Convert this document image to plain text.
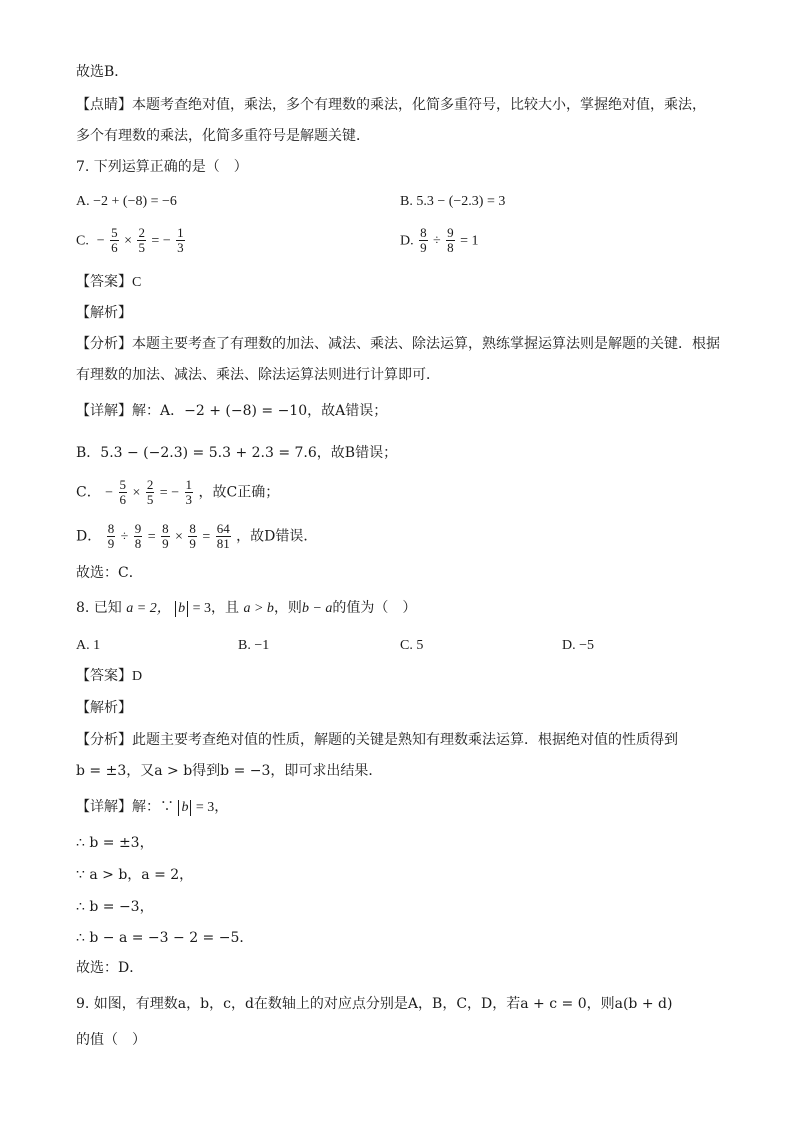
故选B．
【点睛】本题考查绝对值，乘法，多个有理数的乘法，化简多重符号，比较大小，掌握绝对值，乘法，
多个有理数的乘法，化简多重符号是解题关键．
7. 下列运算正确的是（　）
A. −2 + (−8) = −6	B. 5.3 − (−2.3) = 3
C.  − $\frac{5}{6} \times \frac{2}{5}$ = − $\frac{1}{3}$	D. $\frac{8}{9} \div \frac{9}{8} = 1$
【答案】C
【解析】
【分析】本题主要考查了有理数的加法、减法、乘法、除法运算，熟练掌握运算法则是解题的关键．根据
有理数的加法、减法、乘法、除法运算法则进行计算即可．
【详解】解：A．−2 + (−8) = −10，故A错误；
B．5.3 − (−2.3) = 5.3 + 2.3 = 7.6，故B错误；
C． − $\frac{5}{6} \times \frac{2}{5}$ = − $\frac{1}{3}$ ，故C正确；
D． $\frac{8}{9} \div \frac{9}{8} = \frac{8}{9} \times \frac{8}{9} = \frac{64}{81}$ ，故D错误．
故选：C．
8. 已知 a = 2， b = 3，且 a > b，则b − a的值为（　）
A. 1	B. −1	C. 5	D. −5
【答案】D
【解析】
【分析】此题主要考查绝对值的性质，解题的关键是熟知有理数乘法运算．根据绝对值的性质得到
b = ±3，又a > b得到b = −3，即可求出结果．
【详解】解：∵ b = 3，
∴ b = ±3，
∵ a > b，a = 2，
∴ b = −3，
∴ b − a = −3 − 2 = −5．
故选：D．
9. 如图，有理数a，b，c，d在数轴上的对应点分别是A，B，C，D，若a + c = 0，则a(b + d)
的值（　）
